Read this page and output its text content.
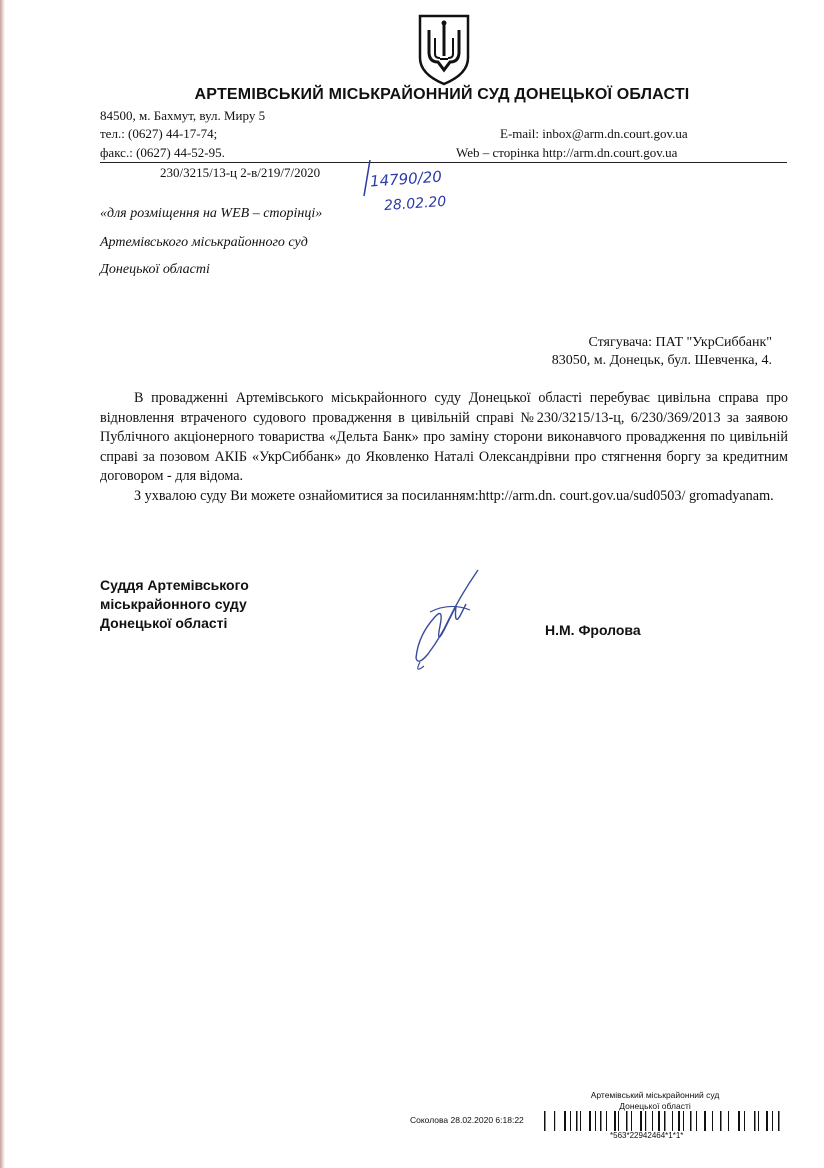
АРТЕМІВСЬКИЙ МІСЬКРАЙОННИЙ СУД ДОНЕЦЬКОЇ ОБЛАСТІ
84500, м. Бахмут, вул. Миру 5
тел.: (0627) 44-17-74;
факс.: (0627) 44-52-95.
E-mail: inbox@arm.dn.court.gov.ua
Web – сторінка http://arm.dn.court.gov.ua
230/3215/13-ц 2-в/219/7/2020	14790/20
28.02.20
«для розміщення на WEB – сторінці»
Артемівського міськрайонного суд
Донецької області
Стягувача: ПАТ "УкрСиббанк"
83050, м. Донецьк, бул. Шевченка, 4.

В провадженні Артемівського міськрайонного суду Донецької області перебуває цивільна справа про відновлення втраченого судового провадження в цивільній справі №230/3215/13-ц, 6/230/369/2013 за заявою Публічного акціонерного товариства «Дельта Банк» про заміну сторони виконавчого провадження по цивільній справі за позовом АКІБ «УкрСиббанк» до Яковленко Наталі Олександрівни про стягнення боргу за кредитним договором - для відома.

З ухвалою суду Ви можете ознайомитися за посиланням:http://arm.dn. court.gov.ua/sud0503/ gromadyanam.

Суддя Артемівського
міськрайонного суду
Донецької області	Н.М. Фролова
Артемівський міськрайонний суд
Донецької області
Соколова 28.02.2020 6:18:22
*563*22942464*1*1*
